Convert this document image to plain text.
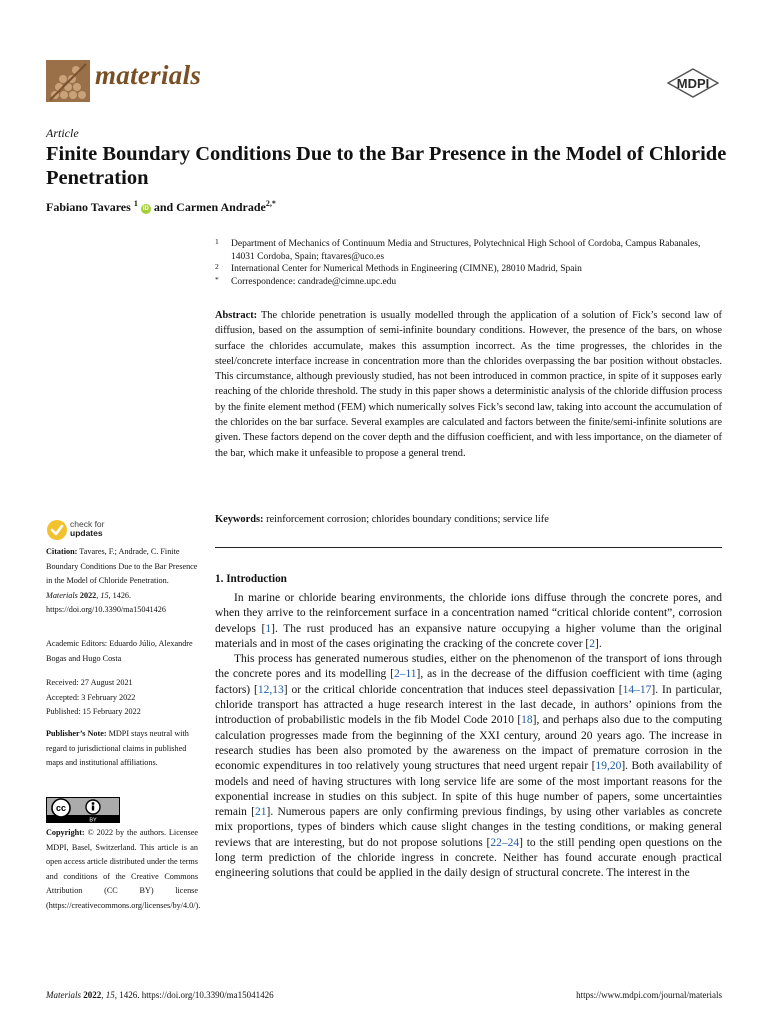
materials	MDPI
Article
Finite Boundary Conditions Due to the Bar Presence in the Model of Chloride Penetration
Fabiano Tavares $^1$ iD and Carmen Andrade$^{2,*}$
1 Department of Mechanics of Continuum Media and Structures, Polytechnical High School of Cordoba, Campus Rabanales, 14031 Cordoba, Spain; ftavares@uco.es
2 International Center for Numerical Methods in Engineering (CIMNE), 28010 Madrid, Spain
* Correspondence: candrade@cimne.upc.edu
Abstract: The chloride penetration is usually modelled through the application of a solution of Fick’s second law of diffusion, based on the assumption of semi-infinite boundary conditions. However, the presence of the bars, on whose surface the chlorides accumulate, makes this assumption incorrect. As the time progresses, the chlorides in the steel/concrete interface increase in concentration more than the chlorides overpassing the bar position without obstacles. This circumstance, although previously studied, has not been introduced in common practice, in spite of it supposes early reaching of the chloride threshold. The study in this paper shows a deterministic analysis of the chloride diffusion process by the finite element method (FEM) which numerically solves Fick’s second law, taking into account the accumulation of the chlorides on the bar surface. Several examples are calculated and factors between the finite/semi-infinite solutions are given. These factors depend on the cover depth and the diffusion coefficient, and with less importance, on the diameter of the bar, which make it unfeasible to propose a general trend.
Keywords: reinforcement corrosion; chlorides boundary conditions; service life
check for
updates
Citation: Tavares, F.; Andrade, C. Finite Boundary Conditions Due to the Bar Presence in the Model of Chloride Penetration. Materials 2022, 15, 1426. https://doi.org/10.3390/ma15041426
Academic Editors: Eduardo Júlio, Alexandre Bogas and Hugo Costa
Received: 27 August 2021
Accepted: 3 February 2022
Published: 15 February 2022
Publisher’s Note: MDPI stays neutral with regard to jurisdictional claims in published maps and institutional affiliations.
cc
BY
Copyright: © 2022 by the authors. Licensee MDPI, Basel, Switzerland. This article is an open access article distributed under the terms and conditions of the Creative Commons Attribution (CC BY) license (https://creativecommons.org/licenses/by/4.0/).
1. Introduction

In marine or chloride bearing environments, the chloride ions diffuse through the concrete pores, and when they arrive to the reinforcement surface in a concentration named “critical chloride content”, corrosion develops [1]. The rust produced has an expansive nature occupying a higher volume than the original materials and in most of the cases originating the cracking of the concrete cover [2].

This process has generated numerous studies, either on the phenomenon of the transport of ions through the concrete pores and its modelling [2–11], as in the decrease of the diffusion coefficient with time (aging factors) [12,13] or the critical chloride concentration that induces steel depassivation [14–17]. In particular, chloride transport has attracted a huge research interest in the last decade, in authors’ opinions from the introduction of probabilistic models in the fib Model Code 2010 [18], and perhaps also due to the computing calculation progresses made from the beginning of the XXI century, around 20 years ago. The increase in research studies has been also promoted by the awareness on the impact of premature corrosion in the economic expenditures in too relatively young structures that need urgent repair [19,20]. Both availability of models and need of having structures with long service life are some of the most important reasons for the exponential increase in studies on this subject. In spite of this huge number of papers, some uncertainties remain [21]. Numerous papers are only confirming previous findings, by using other variables as concrete mix proportions, types of binders which cause slight changes in the testing conditions, or making general reviews that are interesting, but do not propose solutions [22–24] to the still pending open questions on the long term prediction of the chloride ingress in concrete. Neither has found accurate enough practical engineering solutions that could be applied in the daily design of structural concrete. The interest in the

Materials 2022, 15, 1426. https://doi.org/10.3390/ma15041426	https://www.mdpi.com/journal/materials
